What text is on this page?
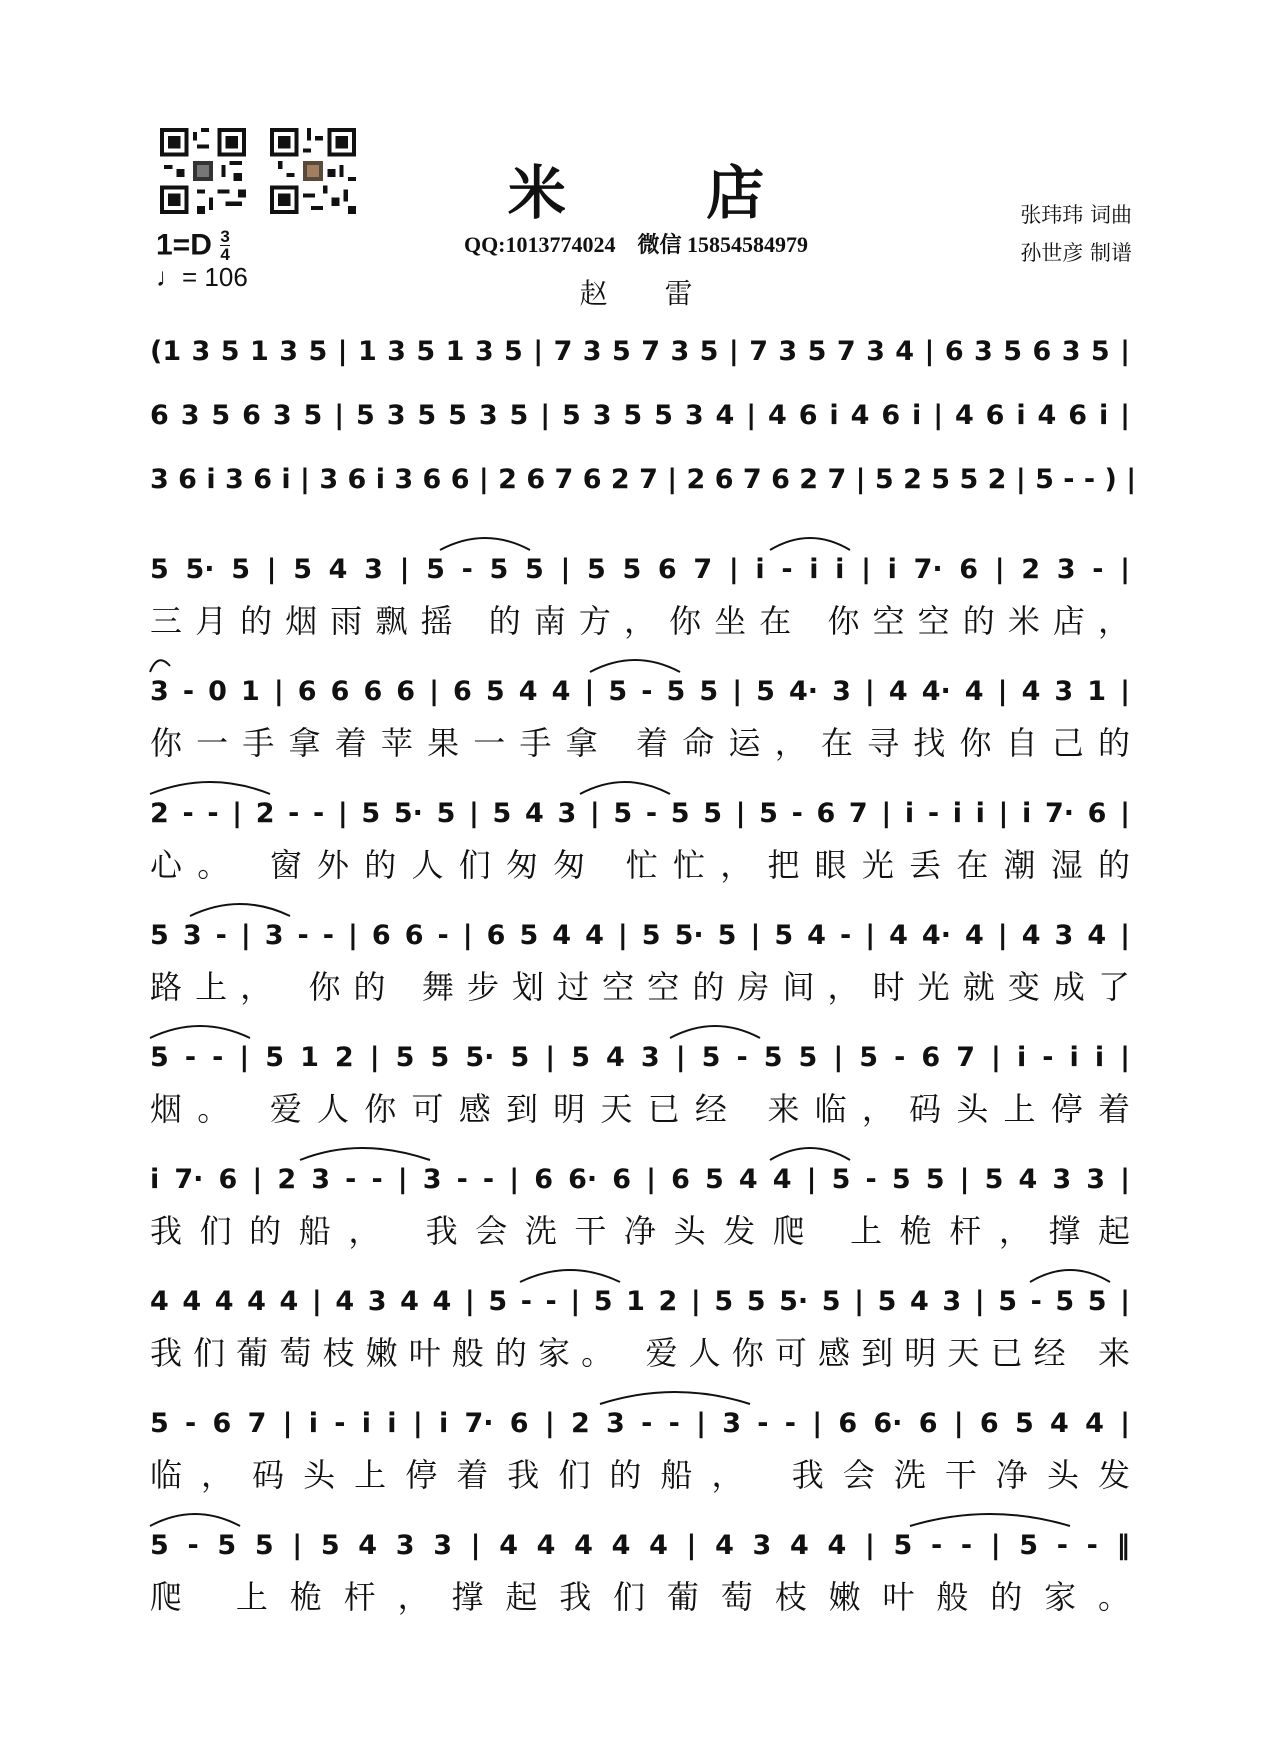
米 店
QQ:1013774024 微信 15854584979
赵 雷
张玮玮 词曲
孙世彦 制谱
$1=D \frac{3}{4}$
♩= 106
(1 3 5 1 3 5 | 1 3 5 1 3 5 | 7 3 5 7 3 5 | 7 3 5 7 3 4 | 6 3 5 6 3 5 |
6 3 5 6 3 5 | 5 3 5 5 3 5 | 5 3 5 5 3 4 | 4 6 i 4 6 i | 4 6 i 4 6 i |
3 6 i 3 6 i | 3 6 i 3 6 6 | 2 6 7 6 2 7 | 2 6 7 6 2 7 | 5 2 5 5 2 | 5 - - ) |
5 5· 5 | 5 4 3 | 5 - 5 5 | 5 5 6 7 | i - i i | i 7· 6 | 2 3 - |
三月的烟雨飘摇 的南方，你坐在 你空空的米店，
3 - 0 1 | 6 6 6 6 | 6 5 4 4 | 5 - 5 5 | 5 4· 3 | 4 4· 4 | 4 3 1 |
你一手拿着苹果一手拿 着命运，在寻找你自己的
2 - - | 2 - - | 5 5· 5 | 5 4 3 | 5 - 5 5 | 5 - 6 7 | i - i i | i 7· 6 |
心。 窗外的人们匆匆 忙忙，把眼光丢在潮湿的
5 3 - | 3 - - | 6 6 - | 6 5 4 4 | 5 5· 5 | 5 4 - | 4 4· 4 | 4 3 4 |
路上， 你的 舞步划过空空的房间，时光就变成了
5 - - | 5 1 2 | 5 5 5· 5 | 5 4 3 | 5 - 5 5 | 5 - 6 7 | i - i i |
烟。 爱人你可感到明天已经 来临，码头上停着
i 7· 6 | 2 3 - - | 3 - - | 6 6· 6 | 6 5 4 4 | 5 - 5 5 | 5 4 3 3 |
我们的船， 我会洗干净头发爬 上桅杆，撑起
4 4 4 4 4 | 4 3 4 4 | 5 - - | 5 1 2 | 5 5 5· 5 | 5 4 3 | 5 - 5 5 |
我们葡萄枝嫩叶般的家。 爱人你可感到明天已经 来
5 - 6 7 | i - i i | i 7· 6 | 2 3 - - | 3 - - | 6 6· 6 | 6 5 4 4 |
临，码头上停着我们的船， 我会洗干净头发
5 - 5 5 | 5 4 3 3 | 4 4 4 4 4 | 4 3 4 4 | 5 - - | 5 - - ‖
爬 上桅杆，撑起我们葡萄枝嫩叶般的家。
